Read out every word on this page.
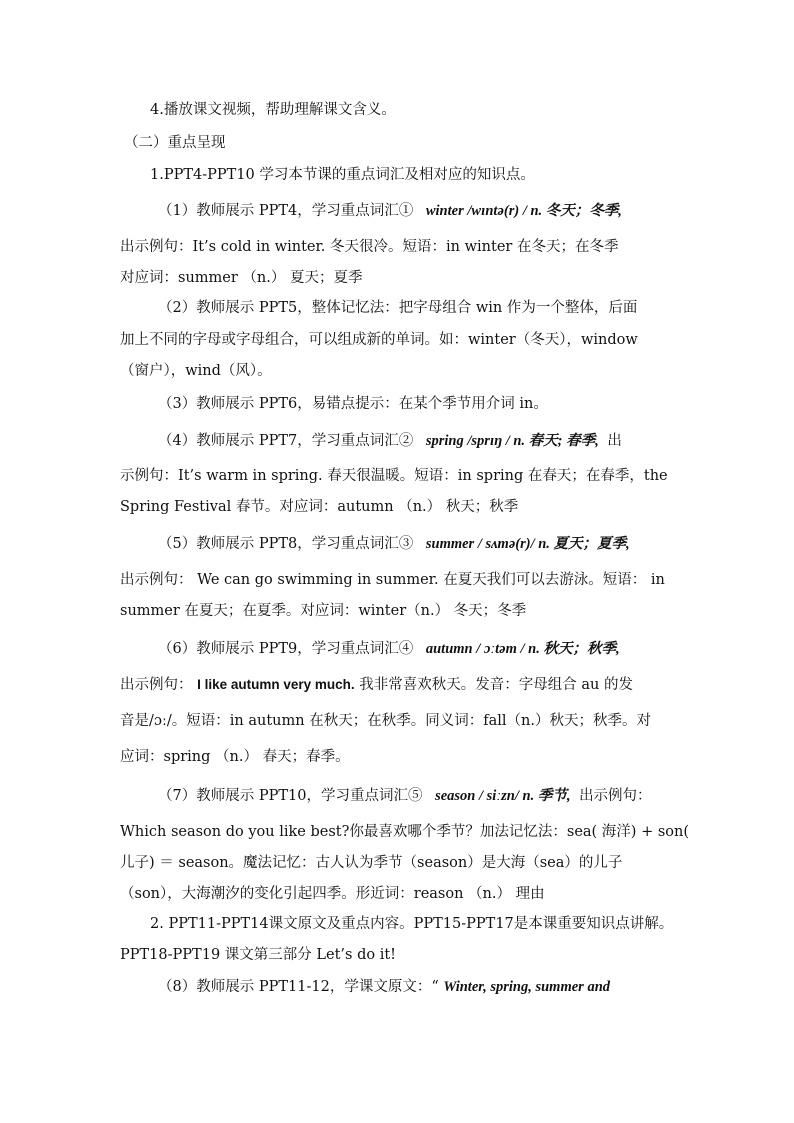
4.播放课文视频，帮助理解课文含义。
（二）重点呈现
1.PPT4-PPT10 学习本节课的重点词汇及相对应的知识点。
（1）教师展示 PPT4，学习重点词汇① winter /wɪntə(r) / n. 冬天；冬季,
出示例句：It’s cold in winter. 冬天很冷。短语：in winter 在冬天；在冬季
对应词：summer （n.） 夏天；夏季
（2）教师展示 PPT5，整体记忆法：把字母组合 win 作为一个整体，后面
加上不同的字母或字母组合，可以组成新的单词。如：winter（冬天），window
（窗户），wind（风）。
（3）教师展示 PPT6，易错点提示：在某个季节用介词 in。
（4）教师展示 PPT7，学习重点词汇② spring /sprɪŋ / n. 春天; 春季, 出
示例句：It’s warm in spring. 春天很温暖。短语：in spring 在春天；在春季，the
Spring Festival 春节。对应词：autumn （n.） 秋天；秋季
（5）教师展示 PPT8，学习重点词汇③ summer / sʌmə(r)/ n. 夏天；夏季,
出示例句： We can go swimming in summer. 在夏天我们可以去游泳。短语： in
summer 在夏天；在夏季。对应词：winter（n.） 冬天；冬季
（6）教师展示 PPT9，学习重点词汇④ autumn / ɔːtəm / n. 秋天；秋季,
出示例句： I like autumn very much. 我非常喜欢秋天。发音：字母组合 au 的发
音是/ɔː/。短语：in autumn 在秋天；在秋季。同义词：fall（n.）秋天；秋季。对
应词：spring （n.） 春天；春季。
（7）教师展示 PPT10，学习重点词汇⑤ season / siːzn/ n. 季节, 出示例句：
Which season do you like best?你最喜欢哪个季节？加法记忆法：sea( 海洋) + son(
儿子) ＝ season。魔法记忆：古人认为季节（season）是大海（sea）的儿子
（son），大海潮汐的变化引起四季。形近词：reason （n.） 理由
2. PPT11-PPT14课文原文及重点内容。PPT15-PPT17是本课重要知识点讲解。
PPT18-PPT19 课文第三部分 Let’s do it!
（8）教师展示 PPT11-12，学课文原文：“ Winter, spring, summer and
